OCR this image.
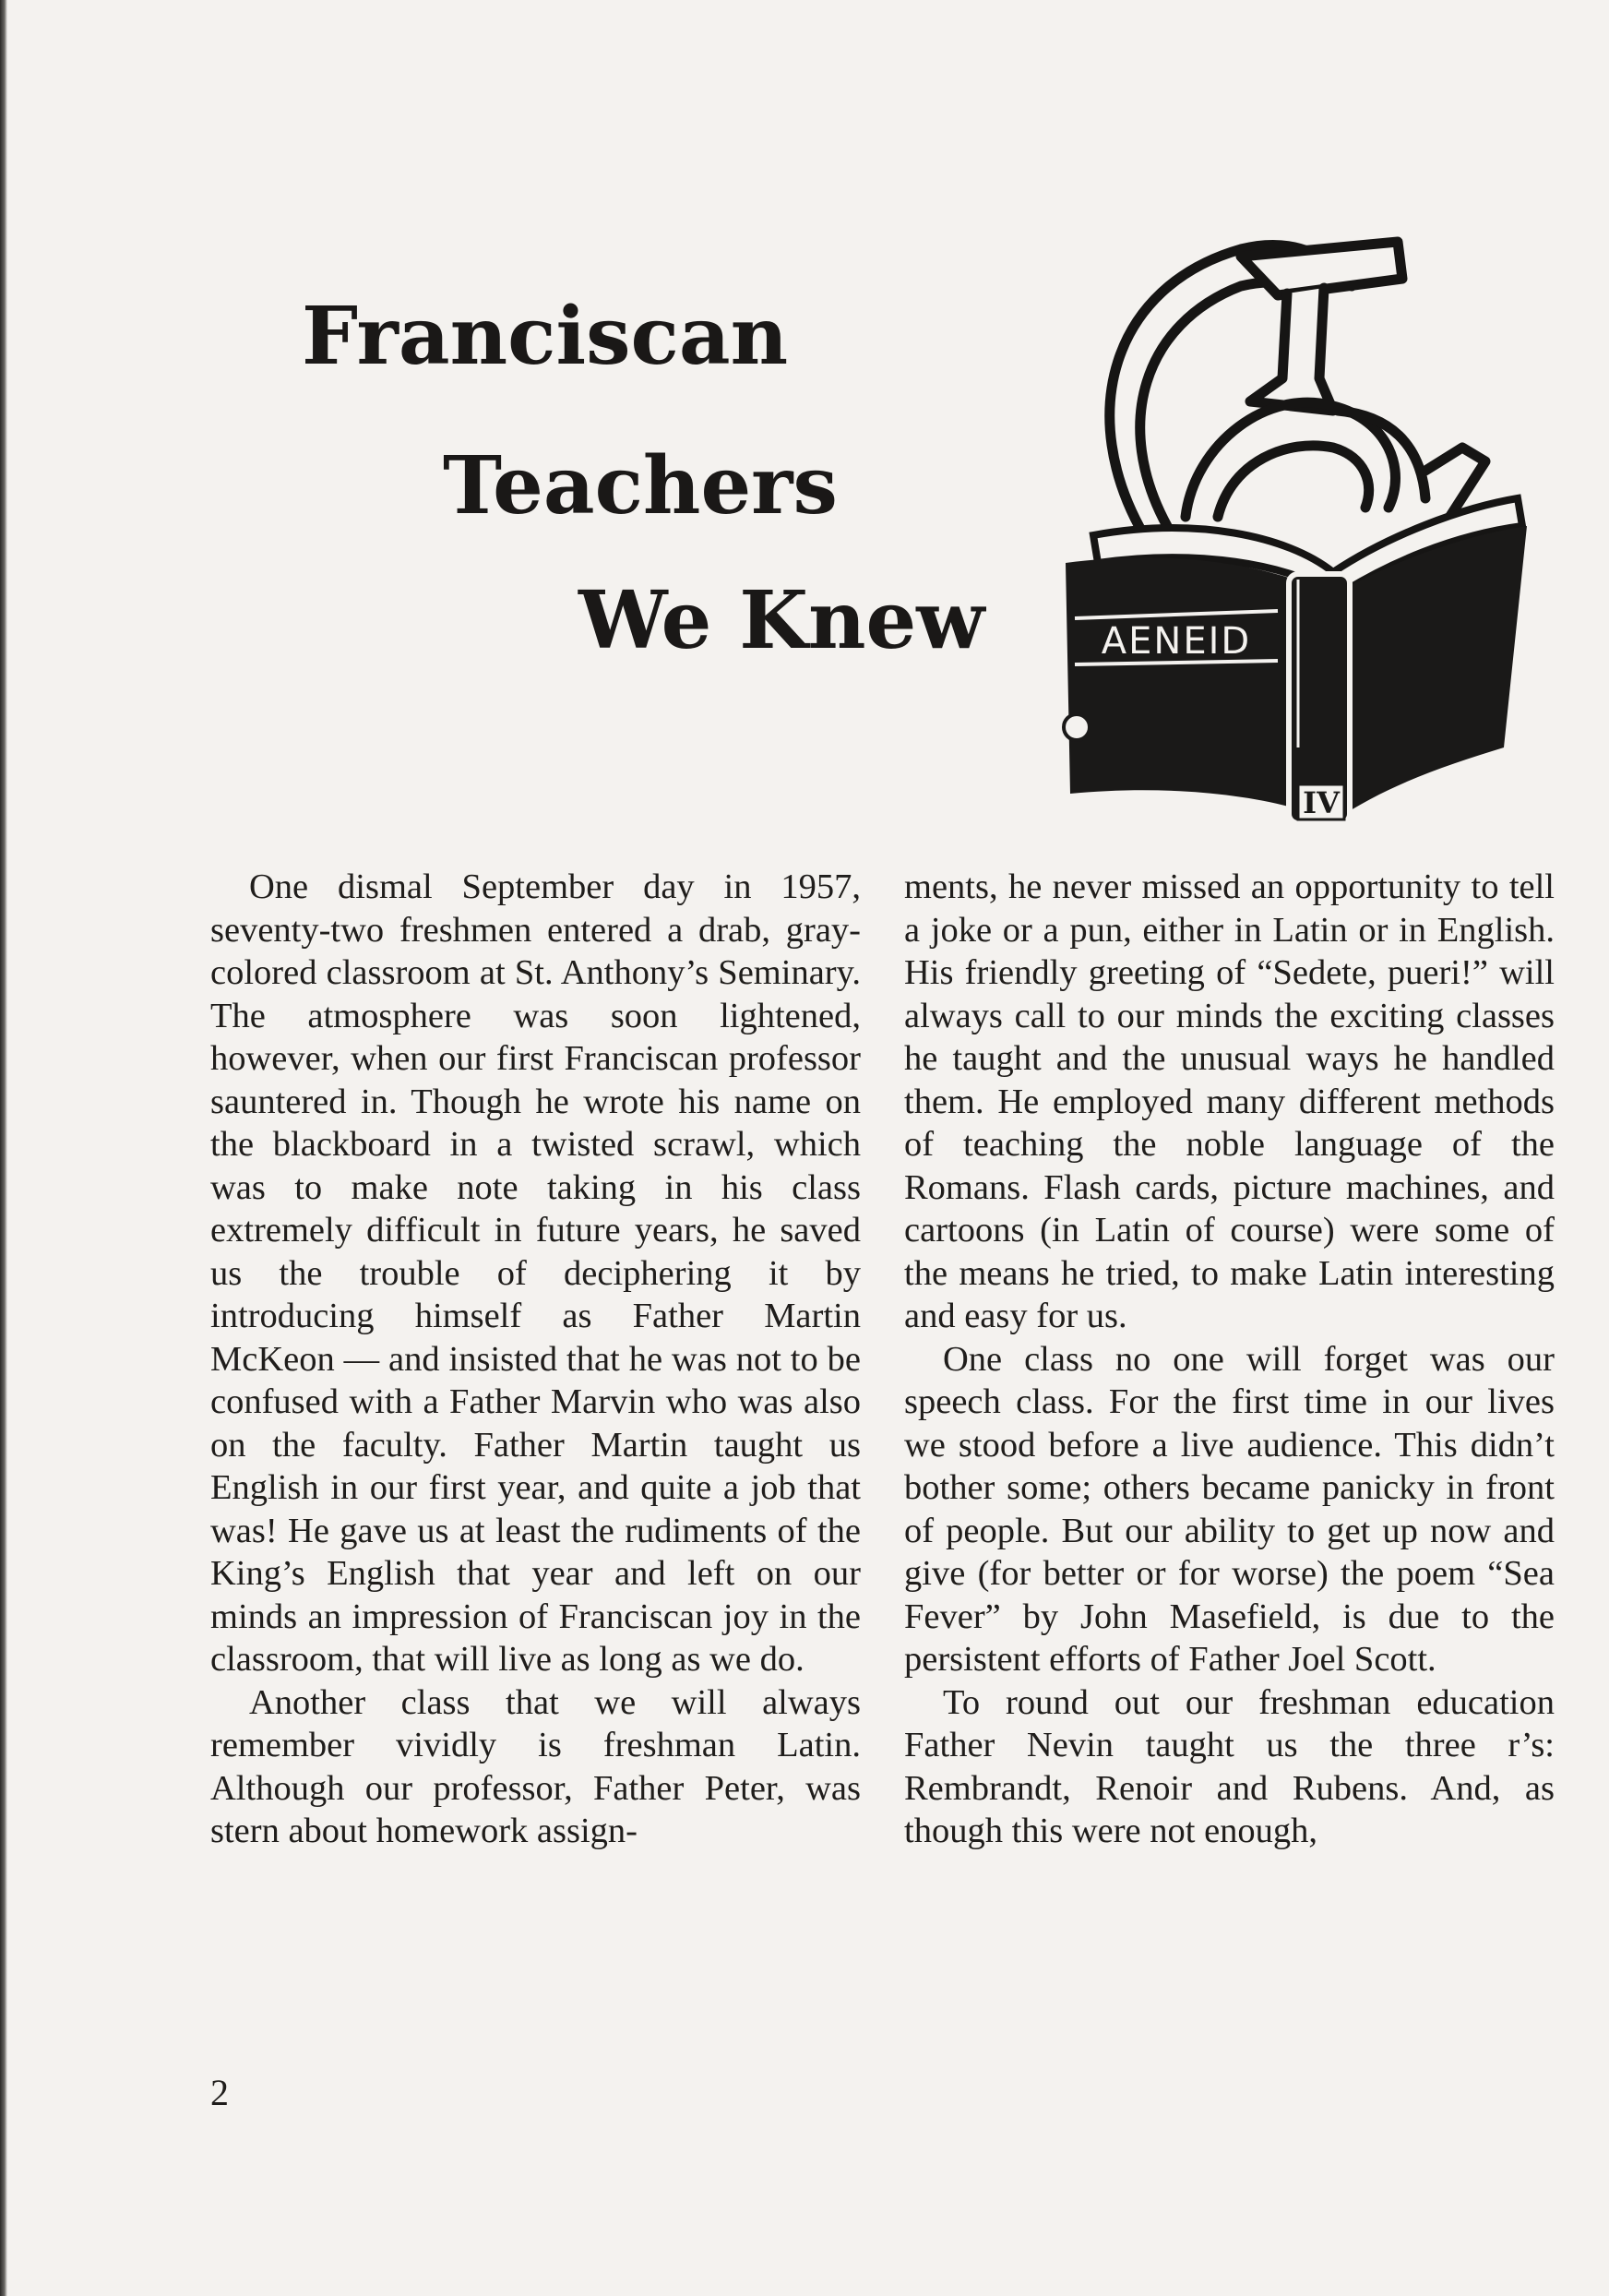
Franciscan
Teachers
We Knew	AENEID
IV

One dismal September day in 1957, seventy-two freshmen entered a drab, gray-colored classroom at St. Anthony’s Seminary. The atmosphere was soon lightened, however, when our first Franciscan professor sauntered in. Though he wrote his name on the blackboard in a twisted scrawl, which was to make note taking in his class extremely difficult in future years, he saved us the trouble of deciphering it by introducing himself as Father Martin McKeon — and insisted that he was not to be confused with a Father Marvin who was also on the faculty. Father Martin taught us English in our first year, and quite a job that was! He gave us at least the rudiments of the King’s English that year and left on our minds an impression of Franciscan joy in the classroom, that will live as long as we do.

Another class that we will always remember vividly is freshman Latin. Although our professor, Father Peter, was stern about homework assign-

ments, he never missed an opportunity to tell a joke or a pun, either in Latin or in English. His friendly greeting of “Sedete, pueri!” will always call to our minds the exciting classes he taught and the unusual ways he handled them. He employed many different methods of teaching the noble language of the Romans. Flash cards, picture machines, and cartoons (in Latin of course) were some of the means he tried, to make Latin interesting and easy for us.

One class no one will forget was our speech class. For the first time in our lives we stood before a live audience. This didn’t bother some; others became panicky in front of people. But our ability to get up now and give (for better or for worse) the poem “Sea Fever” by John Masefield, is due to the persistent efforts of Father Joel Scott.

To round out our freshman education Father Nevin taught us the three r’s: Rembrandt, Renoir and Rubens. And, as though this were not enough,

2
